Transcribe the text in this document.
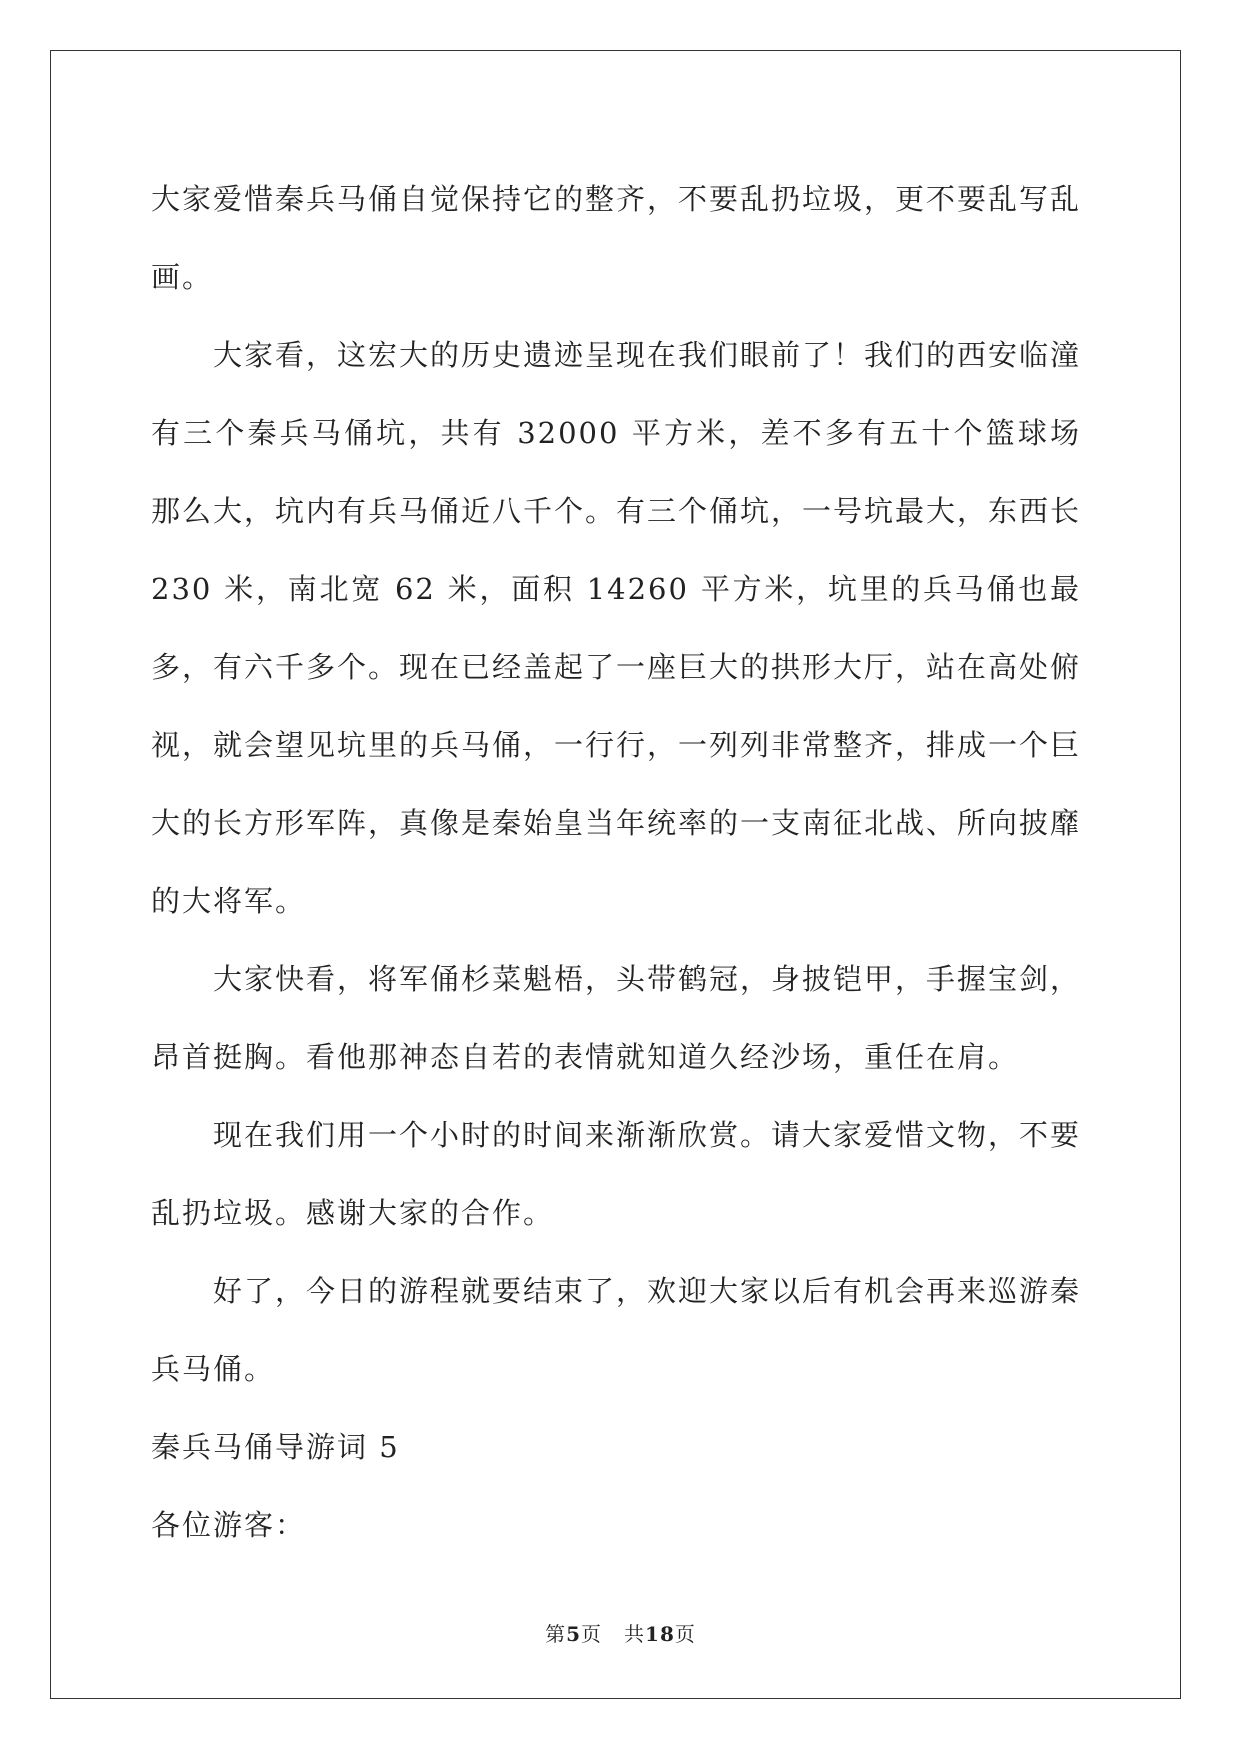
大家爱惜秦兵马俑自觉保持它的整齐，不要乱扔垃圾，更不要乱写乱画。

大家看，这宏大的历史遗迹呈现在我们眼前了！我们的西安临潼有三个秦兵马俑坑，共有 32000 平方米，差不多有五十个篮球场那么大，坑内有兵马俑近八千个。有三个俑坑，一号坑最大，东西长 230 米，南北宽 62 米，面积 14260 平方米，坑里的兵马俑也最多，有六千多个。现在已经盖起了一座巨大的拱形大厅，站在高处俯视，就会望见坑里的兵马俑，一行行，一列列非常整齐，排成一个巨大的长方形军阵，真像是秦始皇当年统率的一支南征北战、所向披靡的大将军。

大家快看，将军俑杉菜魁梧，头带鹤冠，身披铠甲，手握宝剑，昂首挺胸。看他那神态自若的表情就知道久经沙场，重任在肩。

现在我们用一个小时的时间来渐渐欣赏。请大家爱惜文物，不要乱扔垃圾。感谢大家的合作。

好了，今日的游程就要结束了，欢迎大家以后有机会再来巡游秦兵马俑。

秦兵马俑导游词 5

各位游客：

第5页 共18页
